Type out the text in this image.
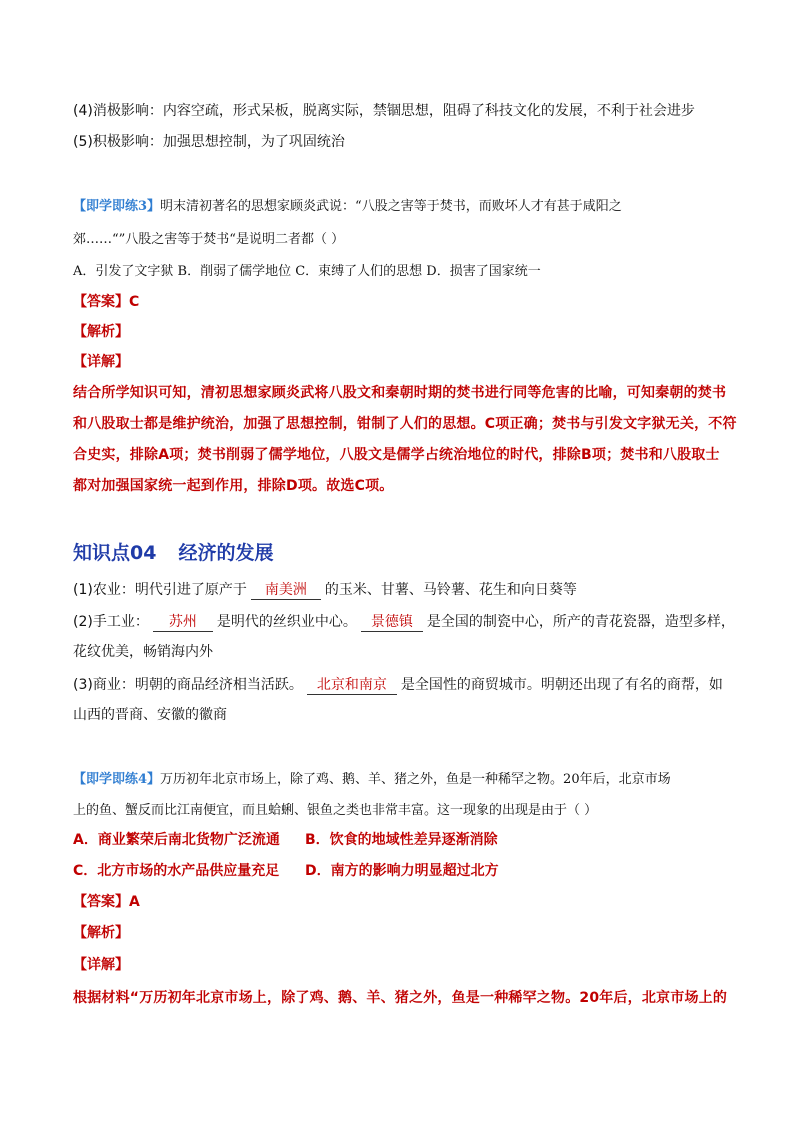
(4)消极影响：内容空疏，形式呆板，脱离实际，禁锢思想，阻碍了科技文化的发展，不利于社会进步
(5)积极影响：加强思想控制，为了巩固统治
【即学即练3】明末清初著名的思想家顾炎武说：“八股之害等于焚书，而败坏人才有甚于咸阳之
郊……“”八股之害等于焚书“是说明二者都（ ）
A．引发了文字狱 B．削弱了儒学地位 C．束缚了人们的思想 D．损害了国家统一
【答案】C
【解析】
【详解】
结合所学知识可知，清初思想家顾炎武将八股文和秦朝时期的焚书进行同等危害的比喻，可知秦朝的焚书
和八股取士都是维护统治，加强了思想控制，钳制了人们的思想。C项正确；焚书与引发文字狱无关，不符
合史实，排除A项；焚书削弱了儒学地位，八股文是儒学占统治地位的时代，排除B项；焚书和八股取士
都对加强国家统一起到作用，排除D项。故选C项。
知识点04 经济的发展
(1)农业：明代引进了原产于 南美洲 的玉米、甘薯、马铃薯、花生和向日葵等
(2)手工业： 苏州 是明代的丝织业中心。 景德镇 是全国的制瓷中心，所产的青花瓷器，造型多样，
花纹优美，畅销海内外
(3)商业：明朝的商品经济相当活跃。 北京和南京 是全国性的商贸城市。明朝还出现了有名的商帮，如
山西的晋商、安徽的徽商
【即学即练4】万历初年北京市场上，除了鸡、鹅、羊、猪之外，鱼是一种稀罕之物。20年后，北京市场
上的鱼、蟹反而比江南便宜，而且蛤蜊、银鱼之类也非常丰富。这一现象的出现是由于（ ）
A．商业繁荣后南北货物广泛流通 B．饮食的地域性差异逐渐消除
C．北方市场的水产品供应量充足 D．南方的影响力明显超过北方
【答案】A
【解析】
【详解】
根据材料“万历初年北京市场上，除了鸡、鹅、羊、猪之外，鱼是一种稀罕之物。20年后，北京市场上的
